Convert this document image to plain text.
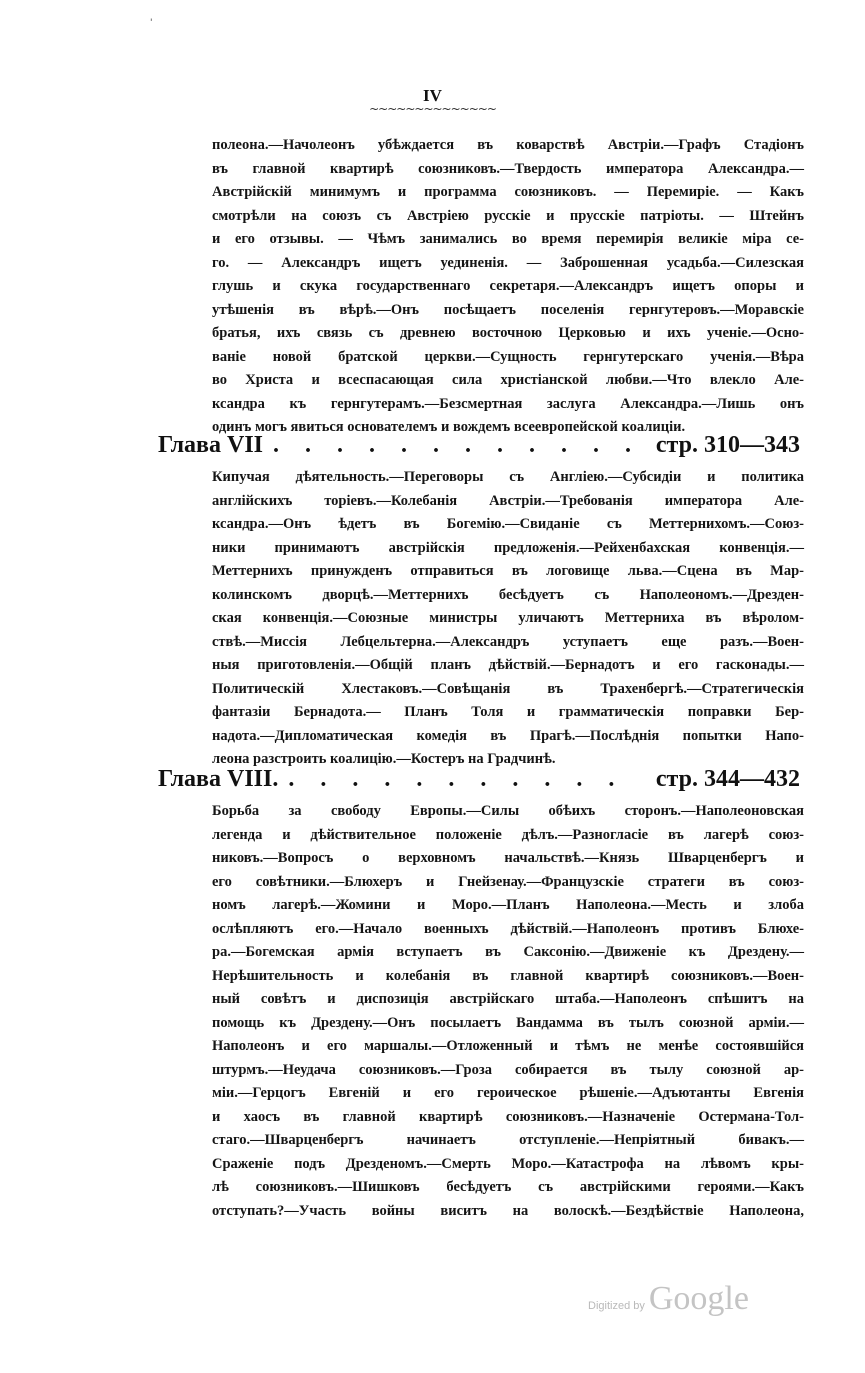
'
IV
~~~~~~~~~~~~~~
полеона.—Начолеонъ убѣждается въ коварствѣ Австріи.—Графъ Стадіонъ
въ главной квартирѣ союзниковъ.—Твердость императора Александра.—
Австрійскій минимумъ и программа союзниковъ. — Перемиріе. — Какъ
смотрѣли на союзъ съ Австріею русскіе и прусскіе патріоты. — Штейнъ
и его отзывы. — Чѣмъ занимались во время перемирія великіе міра се-
го. — Александръ ищетъ уединенія. — Заброшенная усадьба.—Силезская
глушь и скука государственнаго секретаря.—Александръ ищетъ опоры и
утѣшенія въ вѣрѣ.—Онъ посѣщаетъ поселенія гернгутеровъ.—Моравскіе
братья, ихъ связь съ древнею восточною Церковью и ихъ ученіе.—Осно-
ваніе новой братской церкви.—Сущность гернгутерскаго ученія.—Вѣра
во Христа и всеспасающая сила христіанской любви.—Что влекло Але-
ксандра къ гернгутерамъ.—Безсмертная заслуга Александра.—Лишь онъ
одинъ могъ явиться основателемъ и вождемъ всеевропейской коалиціи.
Глава VII . . . . . . . . . . . . стр. 310—343
Кипучая дѣятельность.—Переговоры съ Англіею.—Субсидіи и политика
англійскихъ торіевъ.—Колебанія Австріи.—Требованія императора Але-
ксандра.—Онъ ѣдетъ въ Богемію.—Свиданіе съ Меттернихомъ.—Союз-
ники принимаютъ австрійскія предложенія.—Рейхенбахская конвенція.—
Меттернихъ принужденъ отправиться въ логовище льва.—Сцена въ Мар-
колинскомъ дворцѣ.—Меттернихъ бесѣдуетъ съ Наполеономъ.—Дрезден-
ская конвенція.—Союзные министры уличаютъ Меттерниха въ вѣролом-
ствѣ.—Миссія Лебцельтерна.—Александръ уступаетъ еще разъ.—Воен-
ныя приготовленія.—Общій планъ дѣйствій.—Бернадотъ и его гасконады.—
Политическій Хлестаковъ.—Совѣщанія въ Трахенбергѣ.—Стратегическія
фантазіи Бернадота.— Планъ Толя и грамматическія поправки Бер-
надота.—Дипломатическая комедія въ Прагѣ.—Послѣднія попытки Напо-
леона разстроить коалицію.—Костеръ на Градчинѣ.
Глава VIII. . . . . . . . . . . .	стр. 344—432
Борьба за свободу Европы.—Силы обѣихъ сторонъ.—Наполеоновская
легенда и дѣйствительное положеніе дѣлъ.—Разногласіе въ лагерѣ союз-
никовъ.—Вопросъ о верховномъ начальствѣ.—Князь Шварценбергъ и
его совѣтники.—Блюхеръ и Гнейзенау.—Французскіе стратеги въ союз-
номъ лагерѣ.—Жомини и Моро.—Планъ Наполеона.—Месть и злоба
ослѣпляютъ его.—Начало военныхъ дѣйствій.—Наполеонъ противъ Блюхе-
ра.—Богемская армія вступаетъ въ Саксонію.—Движеніе къ Дрездену.—
Нерѣшительность и колебанія въ главной квартирѣ союзниковъ.—Воен-
ный совѣтъ и диспозиція австрійскаго штаба.—Наполеонъ спѣшитъ на
помощь къ Дрездену.—Онъ посылаетъ Вандамма въ тылъ союзной арміи.—
Наполеонъ и его маршалы.—Отложенный и тѣмъ не менѣе состоявшійся
штурмъ.—Неудача союзниковъ.—Гроза собирается въ тылу союзной ар-
міи.—Герцогъ Евгеній и его героическое рѣшеніе.—Адъютанты Евгенія
и хаосъ въ главной квартирѣ союзниковъ.—Назначеніе Остермана-Тол-
стаго.—Шварценбергъ начинаетъ отступленіе.—Непріятный бивакъ.—
Сраженіе подъ Дрезденомъ.—Смерть Моро.—Катастрофа на лѣвомъ кры-
лѣ союзниковъ.—Шишковъ бесѣдуетъ съ австрійскими героями.—Какъ
отступать?—Участь войны виситъ на волоскѣ.—Бездѣйствіе Наполеона,
Digitized by Google
